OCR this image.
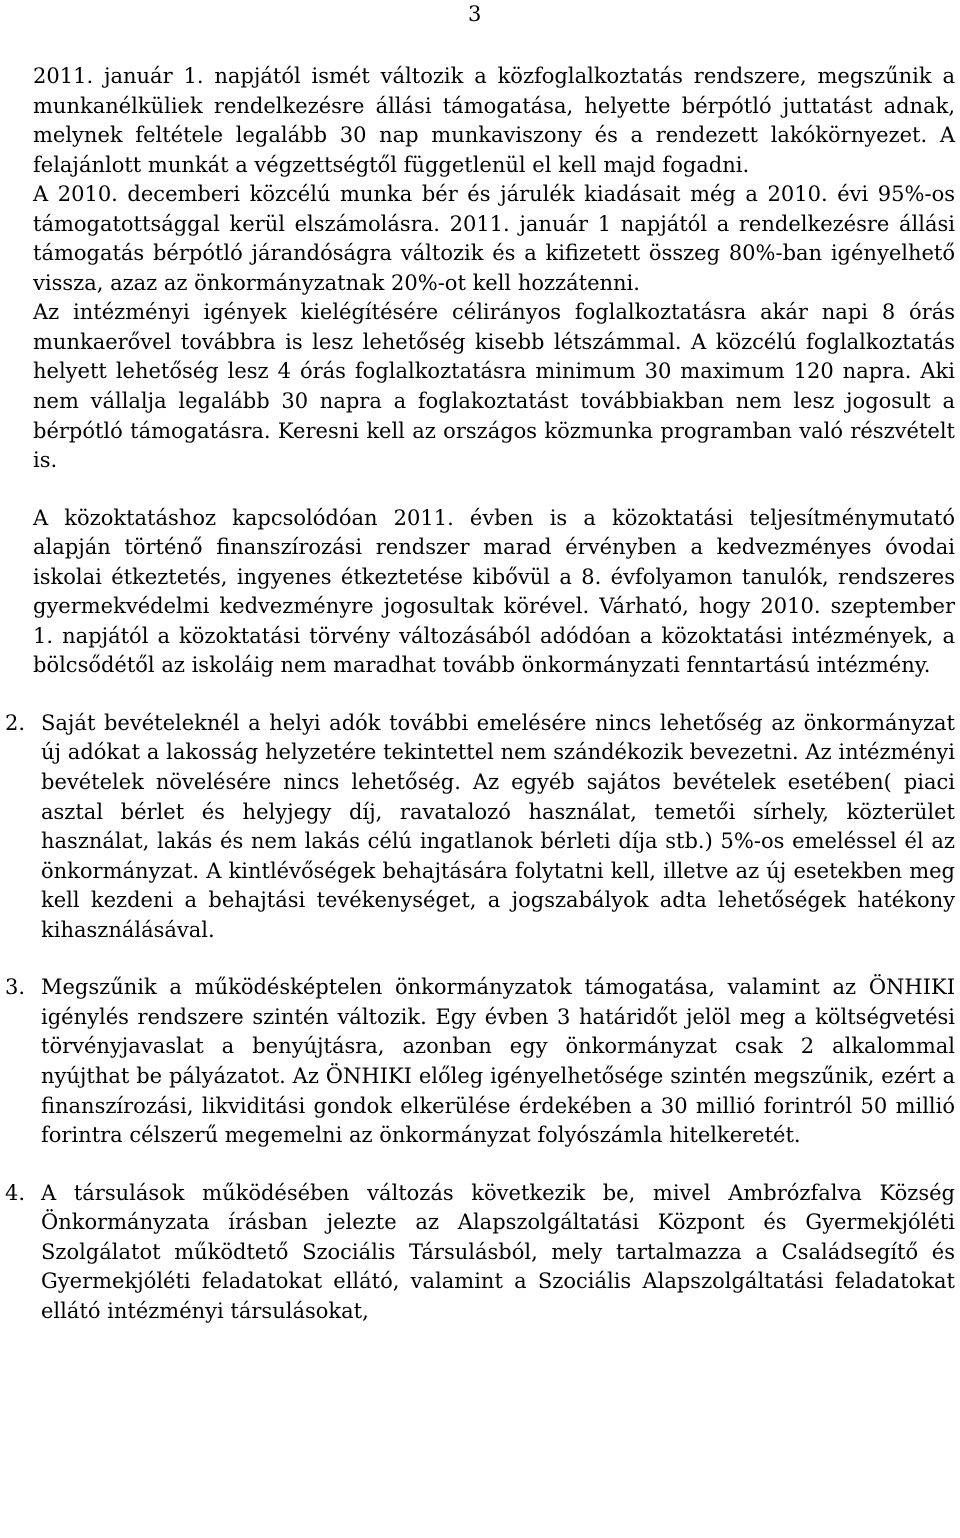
3

2011. január 1. napjától ismét változik a közfoglalkoztatás rendszere, megszűnik a munkanélküliek rendelkezésre állási támogatása, helyette bérpótló juttatást adnak, melynek feltétele legalább 30 nap munkaviszony és a rendezett lakókörnyezet. A felajánlott munkát a végzettségtől függetlenül el kell majd fogadni.

A 2010. decemberi közcélú munka bér és járulék kiadásait még a 2010. évi 95%-os támogatottsággal kerül elszámolásra. 2011. január 1 napjától a rendelkezésre állási támogatás bérpótló járandóságra változik és a kifizetett összeg 80%-ban igényelhető vissza, azaz az önkormányzatnak 20%-ot kell hozzátenni.

Az intézményi igények kielégítésére célirányos foglalkoztatásra akár napi 8 órás munkaerővel továbbra is lesz lehetőség kisebb létszámmal. A közcélú foglalkoztatás helyett lehetőség lesz 4 órás foglalkoztatásra minimum 30 maximum 120 napra. Aki nem vállalja legalább 30 napra a foglakoztatást továbbiakban nem lesz jogosult a bérpótló támogatásra. Keresni kell az országos közmunka programban való részvételt is.

A közoktatáshoz kapcsolódóan 2011. évben is a közoktatási teljesítménymutató alapján történő finanszírozási rendszer marad érvényben a kedvezményes óvodai iskolai étkeztetés, ingyenes étkeztetése kibővül a 8. évfolyamon tanulók, rendszeres gyermekvédelmi kedvezményre jogosultak körével. Várható, hogy 2010. szeptember 1. napjától a közoktatási törvény változásából adódóan a közoktatási intézmények, a bölcsődétől az iskoláig nem maradhat tovább önkormányzati fenntartású intézmény.

2. Saját bevételeknél a helyi adók további emelésére nincs lehetőség az önkormányzat új adókat a lakosság helyzetére tekintettel nem szándékozik bevezetni. Az intézményi bevételek növelésére nincs lehetőség. Az egyéb sajátos bevételek esetében( piaci asztal bérlet és helyjegy díj, ravatalozó használat, temetői sírhely, közterület használat, lakás és nem lakás célú ingatlanok bérleti díja stb.) 5%-os emeléssel él az önkormányzat. A kintlévőségek behajtására folytatni kell, illetve az új esetekben meg kell kezdeni a behajtási tevékenységet, a jogszabályok adta lehetőségek hatékony kihasználásával.
3. Megszűnik a működésképtelen önkormányzatok támogatása, valamint az ÖNHIKI igénylés rendszere szintén változik. Egy évben 3 határidőt jelöl meg a költségvetési törvényjavaslat a benyújtásra, azonban egy önkormányzat csak 2 alkalommal nyújthat be pályázatot. Az ÖNHIKI előleg igényelhetősége szintén megszűnik, ezért a finanszírozási, likviditási gondok elkerülése érdekében a 30 millió forintról 50 millió forintra célszerű megemelni az önkormányzat folyószámla hitelkeretét.
4. A társulások működésében változás következik be, mivel Ambrózfalva Község Önkormányzata írásban jelezte az Alapszolgáltatási Központ és Gyermekjóléti Szolgálatot működtető Szociális Társulásból, mely tartalmazza a Családsegítő és Gyermekjóléti feladatokat ellátó, valamint a Szociális Alapszolgáltatási feladatokat ellátó intézményi társulásokat,
